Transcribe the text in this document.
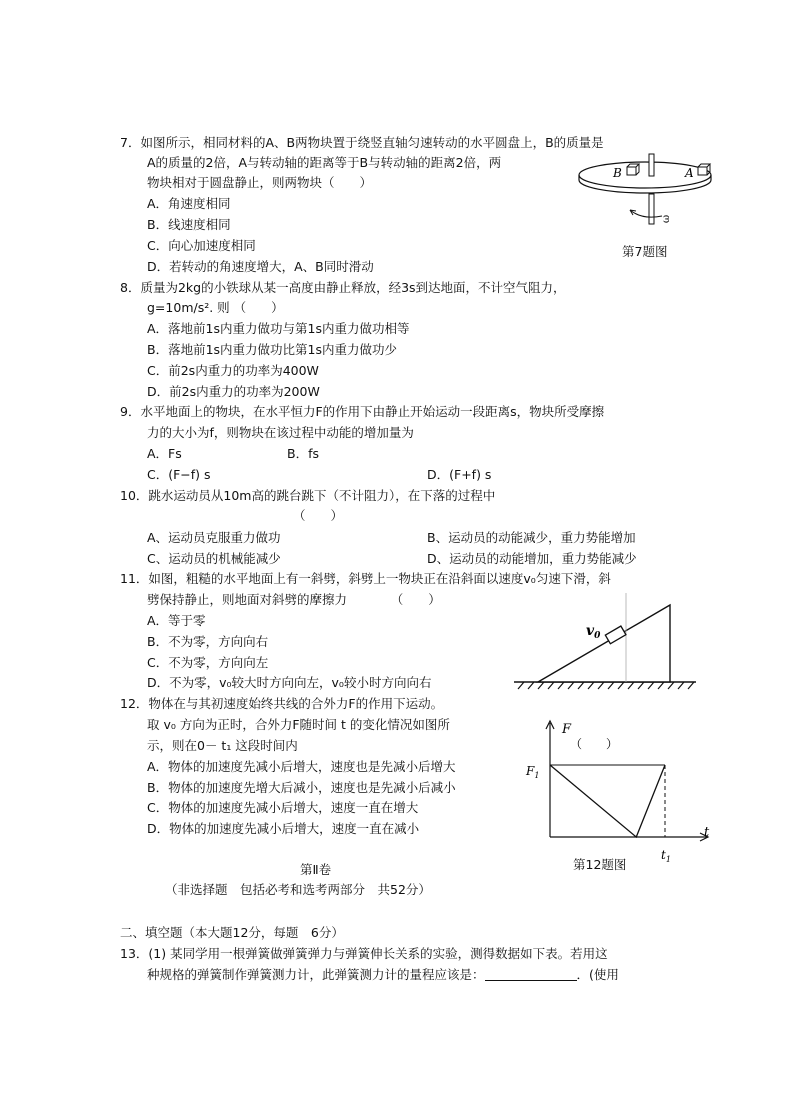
7．如图所示，相同材料的A、B两物块置于绕竖直轴匀速转动的水平圆盘上，B的质量是
A的质量的2倍，A与转动轴的距离等于B与转动轴的距离2倍，两
物块相对于圆盘静止，则两物块（　　）
A．角速度相同
B．线速度相同
C．向心加速度相同
D．若转动的角速度增大，A、B同时滑动
B	A
ω
第7题图
8．质量为2kg的小铁球从某一高度由静止释放，经3s到达地面，不计空气阻力，
g=10m/s². 则 （　　）
A．落地前1s内重力做功与第1s内重力做功相等
B．落地前1s内重力做功比第1s内重力做功少
C．前2s内重力的功率为400W
D．前2s内重力的功率为200W
9．水平地面上的物块，在水平恒力F的作用下由静止开始运动一段距离s，物块所受摩擦
力的大小为f，则物块在该过程中动能的增加量为
A．Fs	B．fs
C．(F−f) s	D．(F+f) s
10．跳水运动员从10m高的跳台跳下（不计阻力），在下落的过程中
（　　）
A、运动员克服重力做功	B、运动员的动能减少，重力势能增加
C、运动员的机械能减少	D、运动员的动能增加，重力势能减少
11．如图，粗糙的水平地面上有一斜劈，斜劈上一物块正在沿斜面以速度v₀匀速下滑，斜
劈保持静止，则地面对斜劈的摩擦力　　　　（　　）
A．等于零
B．不为零，方向向右
C．不为零，方向向左
D．不为零，v₀较大时方向向左，v₀较小时方向向右
$v_0$
12．物体在与其初速度始终共线的合外力F的作用下运动。
取 v₀ 方向为正时，合外力F随时间 t 的变化情况如图所
示，则在0－ t₁ 这段时间内
A．物体的加速度先减小后增大，速度也是先减小后增大
B．物体的加速度先增大后减小，速度也是先减小后减小
C．物体的加速度先减小后增大，速度一直在增大
D．物体的加速度先减小后增大，速度一直在减小
F
t
（　　）
$F_1$
$t_1$
第12题图
第Ⅱ卷
（非选择题　包括必考和选考两部分　共52分）
二、填空题（本大题12分，每题　6分）
13．(1) 某同学用一根弹簧做弹簧弹力与弹簧伸长关系的实验，测得数据如下表。若用这
种规格的弹簧制作弹簧测力计，此弹簧测力计的量程应该是：	．(使用
